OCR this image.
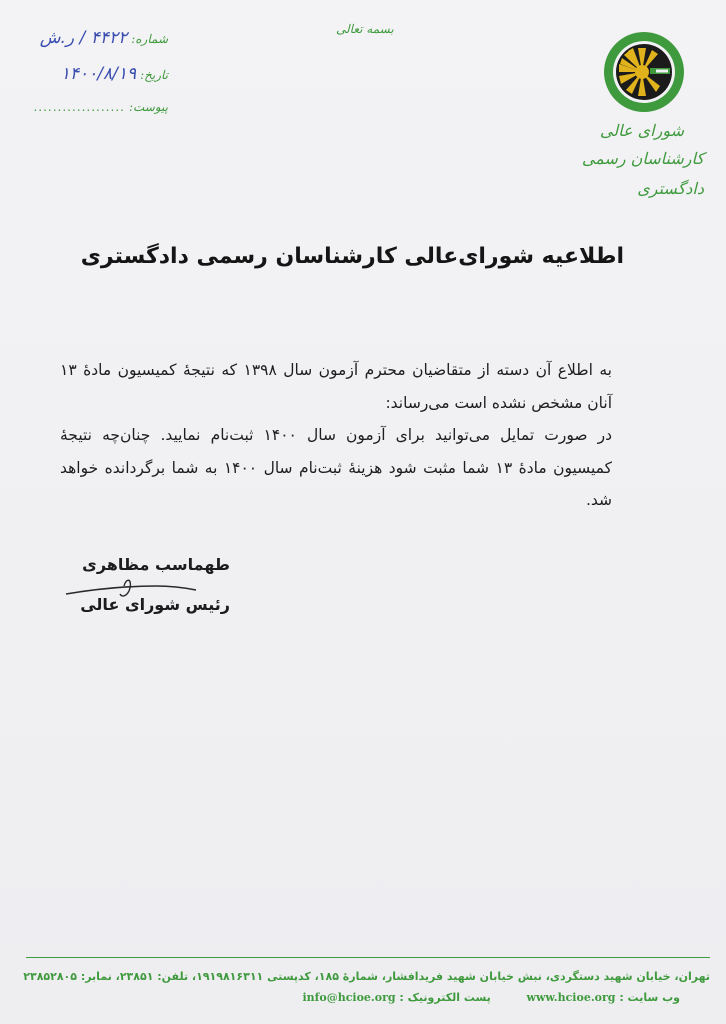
شماره:
۴۴۲۲ / ر.ش
تاریخ:
۱۴۰۰/۸/۱۹
پیوست:
...................
بسمه تعالی
شورای عالی
کارشناسان رسمی دادگستری
اطلاعیه شورای‌عالی کارشناسان رسمی دادگستری

به اطلاع آن دسته از متقاضیان محترم آزمون سال ۱۳۹۸ که نتیجهٔ کمیسیون مادهٔ ۱۳ آنان مشخص نشده است می‌رساند:

در صورت تمایل می‌توانید برای آزمون سال ۱۴۰۰ ثبت‌نام نمایید. چنان‌چه نتیجهٔ کمیسیون مادهٔ ۱۳ شما مثبت شود هزینهٔ ثبت‌نام سال ۱۴۰۰ به شما برگردانده خواهد شد.

طهماسب مظاهری
رئیس شورای عالی
تهران، خیابان شهید دستگردی، نبش خیابان شهید فریدافشار، شمارهٔ ۱۸۵، کدپستی ۱۹۱۹۸۱۶۳۱۱، تلفن: ۲۳۸۵۱، نمابر: ۲۳۸۵۲۸۰۵
وب سایت : www.hcioe.org  پست الکترونیک : info@hcioe.org
